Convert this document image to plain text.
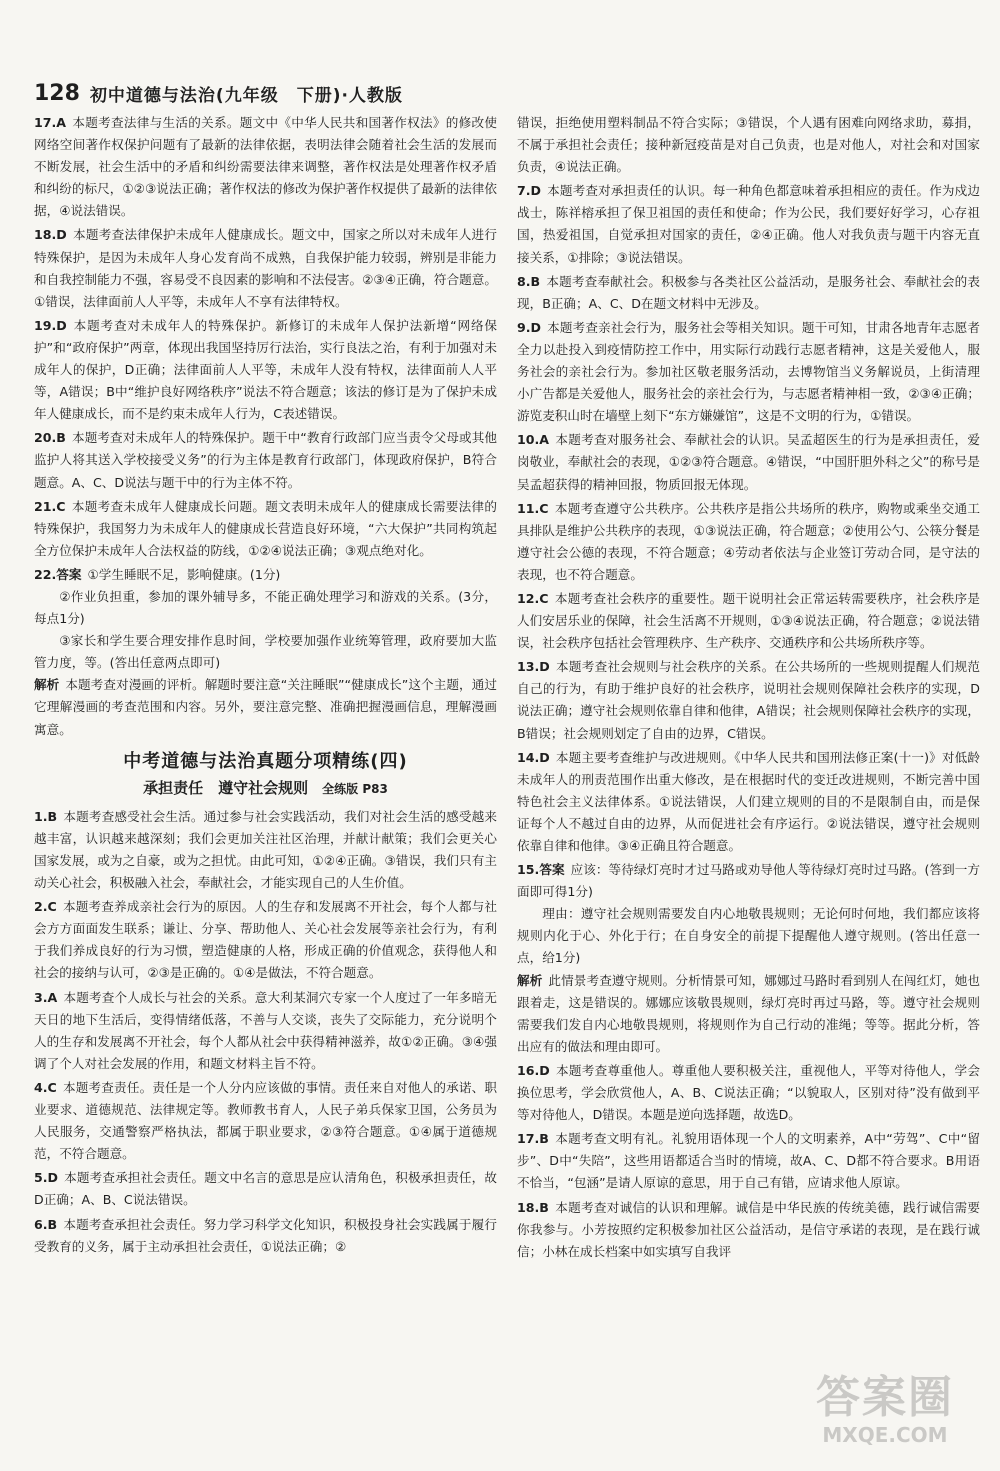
128 初中道德与法治(九年级　下册)·人教版
17.A 本题考查法律与生活的关系。题文中《中华人民共和国著作权法》的修改使网络空间著作权保护问题有了最新的法律依据，表明法律会随着社会生活的发展而不断发展，社会生活中的矛盾和纠纷需要法律来调整，著作权法是处理著作权矛盾和纠纷的标尺，①②③说法正确；著作权法的修改为保护著作权提供了最新的法律依据，④说法错误。
18.D 本题考查法律保护未成年人健康成长。题文中，国家之所以对未成年人进行特殊保护，是因为未成年人身心发育尚不成熟，自我保护能力较弱，辨别是非能力和自我控制能力不强，容易受不良因素的影响和不法侵害。②③④正确，符合题意。①错误，法律面前人人平等，未成年人不享有法律特权。
19.D 本题考查对未成年人的特殊保护。新修订的未成年人保护法新增“网络保护”和“政府保护”两章，体现出我国坚持厉行法治，实行良法之治，有利于加强对未成年人的保护，D正确；法律面前人人平等，未成年人没有特权，法律面前人人平等，A错误；B中“维护良好网络秩序”说法不符合题意；该法的修订是为了保护未成年人健康成长，而不是约束未成年人行为，C表述错误。
20.B 本题考查对未成年人的特殊保护。题干中“教育行政部门应当责令父母或其他监护人将其送入学校接受义务”的行为主体是教育行政部门，体现政府保护，B符合题意。A、C、D说法与题干中的行为主体不符。
21.C 本题考查未成年人健康成长问题。题文表明未成年人的健康成长需要法律的特殊保护，我国努力为未成年人的健康成长营造良好环境，“六大保护”共同构筑起全方位保护未成年人合法权益的防线，①②④说法正确；③观点绝对化。
22.答案 ①学生睡眠不足，影响健康。(1分)

②作业负担重，参加的课外辅导多，不能正确处理学习和游戏的关系。(3分，每点1分)

③家长和学生要合理安排作息时间，学校要加强作业统筹管理，政府要加大监管力度，等。(答出任意两点即可)

解析 本题考查对漫画的评析。解题时要注意“关注睡眠”“健康成长”这个主题，通过它理解漫画的考查范围和内容。另外，要注意完整、准确把握漫画信息，理解漫画寓意。
中考道德与法治真题分项精练(四)
承担责任　遵守社会规则 全练版 P83
1.B 本题考查感受社会生活。通过参与社会实践活动，我们对社会生活的感受越来越丰富，认识越来越深刻；我们会更加关注社区治理，并献计献策；我们会更关心国家发展，或为之自豪，或为之担忧。由此可知，①②④正确。③错误，我们只有主动关心社会，积极融入社会，奉献社会，才能实现自己的人生价值。
2.C 本题考查养成亲社会行为的原因。人的生存和发展离不开社会，每个人都与社会方方面面发生联系；谦让、分享、帮助他人、关心社会发展等亲社会行为，有利于我们养成良好的行为习惯，塑造健康的人格，形成正确的价值观念，获得他人和社会的接纳与认可，②③是正确的。①④是做法，不符合题意。
3.A 本题考查个人成长与社会的关系。意大利某洞穴专家一个人度过了一年多暗无天日的地下生活后，变得情绪低落，不善与人交谈，丧失了交际能力，充分说明个人的生存和发展离不开社会，每个人都从社会中获得精神滋养，故①②正确。③④强调了个人对社会发展的作用，和题文材料主旨不符。
4.C 本题考查责任。责任是一个人分内应该做的事情。责任来自对他人的承诺、职业要求、道德规范、法律规定等。教师教书育人，人民子弟兵保家卫国，公务员为人民服务，交通警察严格执法，都属于职业要求，②③符合题意。①④属于道德规范，不符合题意。
5.D 本题考查承担社会责任。题文中名言的意思是应认清角色，积极承担责任，故D正确；A、B、C说法错误。
6.B 本题考查承担社会责任。努力学习科学文化知识，积极投身社会实践属于履行受教育的义务，属于主动承担社会责任，①说法正确；②
错误，拒绝使用塑料制品不符合实际；③错误，个人遇有困难向网络求助，募捐，不属于承担社会责任；接种新冠疫苗是对自己负责，也是对他人，对社会和对国家负责，④说法正确。
7.D 本题考查对承担责任的认识。每一种角色都意味着承担相应的责任。作为戍边战士，陈祥榕承担了保卫祖国的责任和使命；作为公民，我们要好好学习，心存祖国，热爱祖国，自觉承担对国家的责任，②④正确。他人对我负责与题干内容无直接关系，①排除；③说法错误。
8.B 本题考查奉献社会。积极参与各类社区公益活动，是服务社会、奉献社会的表现，B正确；A、C、D在题文材料中无涉及。
9.D 本题考查亲社会行为，服务社会等相关知识。题干可知，甘肃各地青年志愿者全力以赴投入到疫情防控工作中，用实际行动践行志愿者精神，这是关爱他人，服务社会的亲社会行为。参加社区敬老服务活动，去博物馆当义务解说员，上街清理小广告都是关爱他人，服务社会的亲社会行为，与志愿者精神相一致，②③④正确；游览麦积山时在墙壁上刻下“东方嫌嫌馆”，这是不文明的行为，①错误。
10.A 本题考查对服务社会、奉献社会的认识。吴孟超医生的行为是承担责任，爱岗敬业，奉献社会的表现，①②③符合题意。④错误，“中国肝胆外科之父”的称号是吴孟超获得的精神回报，物质回报无体现。
11.C 本题考查遵守公共秩序。公共秩序是指公共场所的秩序，购物或乘坐交通工具排队是维护公共秩序的表现，①③说法正确，符合题意；②使用公勺、公筷分餐是遵守社会公德的表现，不符合题意；④劳动者依法与企业签订劳动合同，是守法的表现，也不符合题意。
12.C 本题考查社会秩序的重要性。题干说明社会正常运转需要秩序，社会秩序是人们安居乐业的保障，社会生活离不开规则，①③④说法正确，符合题意；②说法错误，社会秩序包括社会管理秩序、生产秩序、交通秩序和公共场所秩序等。
13.D 本题考查社会规则与社会秩序的关系。在公共场所的一些规则提醒人们规范自己的行为，有助于维护良好的社会秩序，说明社会规则保障社会秩序的实现，D说法正确；遵守社会规则依靠自律和他律，A错误；社会规则保障社会秩序的实现，B错误；社会规则划定了自由的边界，C错误。
14.D 本题主要考查维护与改进规则。《中华人民共和国刑法修正案(十一)》对低龄未成年人的刑责范围作出重大修改，是在根据时代的变迁改进规则，不断完善中国特色社会主义法律体系。①说法错误，人们建立规则的目的不是限制自由，而是保证每个人不越过自由的边界，从而促进社会有序运行。②说法错误，遵守社会规则依靠自律和他律。③④正确且符合题意。
15.答案 应该：等待绿灯亮时才过马路或劝导他人等待绿灯亮时过马路。(答到一方面即可得1分)

理由：遵守社会规则需要发自内心地敬畏规则；无论何时何地，我们都应该将规则内化于心、外化于行；在自身安全的前提下提醒他人遵守规则。(答出任意一点，给1分)

解析 此情景考查遵守规则。分析情景可知，娜娜过马路时看到别人在闯红灯，她也跟着走，这是错误的。娜娜应该敬畏规则，绿灯亮时再过马路，等。遵守社会规则需要我们发自内心地敬畏规则，将规则作为自己行动的准绳；等等。据此分析，答出应有的做法和理由即可。
16.D 本题考查尊重他人。尊重他人要积极关注，重视他人，平等对待他人，学会换位思考，学会欣赏他人，A、B、C说法正确；“以貌取人，区别对待”没有做到平等对待他人，D错误。本题是逆向选择题，故选D。
17.B 本题考查文明有礼。礼貌用语体现一个人的文明素养，A中“劳驾”、C中“留步”、D中“失陪”，这些用语都适合当时的情境，故A、C、D都不符合要求。B用语不恰当，“包涵”是请人原谅的意思，用于自己有错，应请求他人原谅。
18.B 本题考查对诚信的认识和理解。诚信是中华民族的传统美德，践行诚信需要你我参与。小芳按照约定积极参加社区公益活动，是信守承诺的表现，是在践行诚信；小林在成长档案中如实填写自我评
答案圈
MXQE.COM
